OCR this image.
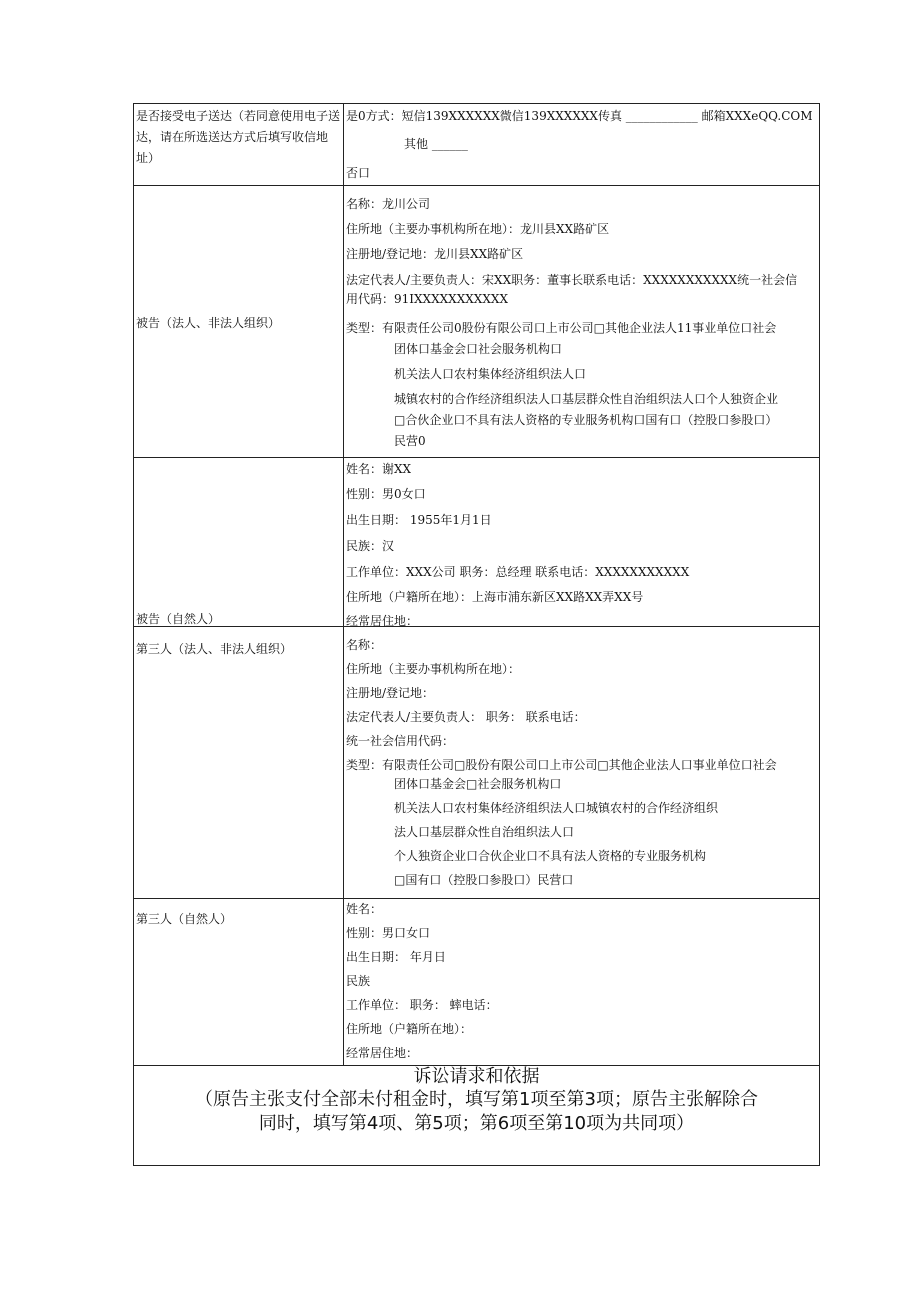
是否接受电子送达（若同意使用电子送达，请在所选送达方式后填写收信地址）
是0方式：短信139XXXXXX微信139XXXXXX传真 ____________ 邮箱XXXeQQ.COM
其他 ______
否口
被告（法人、非法人组织）
名称：龙川公司
住所地（主要办事机构所在地）：龙川县XX路矿区
注册地/登记地：龙川县XX路矿区
法定代表人/主要负责人：宋XX职务：董事长联系电话：XXXXXXXXXXX统一社会信
用代码：91ⅠXXXXXXXXXXX
类型：有限责任公司0股份有限公司口上市公司□其他企业法人11事业单位口社会
团体口基金会口社会服务机构口
机关法人口农村集体经济组织法人口
城镇农村的合作经济组织法人口基层群众性自治组织法人口个人独资企业
□合伙企业口不具有法人资格的专业服务机构口国有口（控股口参股口）
民营0
被告（自然人）
姓名：谢XX
性别：男0女口
出生日期： 1955年1月1日
民族：汉
工作单位：XXX公司 职务：总经理 联系电话：XXXXXXXXXXX
住所地（户籍所在地）：上海市浦东新区XX路XX弄XX号
经常居住地：
第三人（法人、非法人组织）	名称：
住所地（主要办事机构所在地）：
注册地/登记地：
法定代表人/主要负责人： 职务： 联系电话：
统一社会信用代码：
类型：有限责任公司□股份有限公司口上市公司□其他企业法人口事业单位口社会
团体口基金会□社会服务机构口
机关法人口农村集体经济组织法人口城镇农村的合作经济组织
法人口基层群众性自治组织法人口
个人独资企业口合伙企业口不具有法人资格的专业服务机构
□国有口（控股口参股口）民营口
第三人（自然人）
姓名：
性别：男口女口
出生日期： 年月日
民族
工作单位： 职务： 蟀电话：
住所地（户籍所在地）：
经常居住地：
诉讼请求和依据
（原告主张支付全部未付租金时，填写第1项至第3项；原告主张解除合
同时，填写第4项、第5项；第6项至第10项为共同项）
